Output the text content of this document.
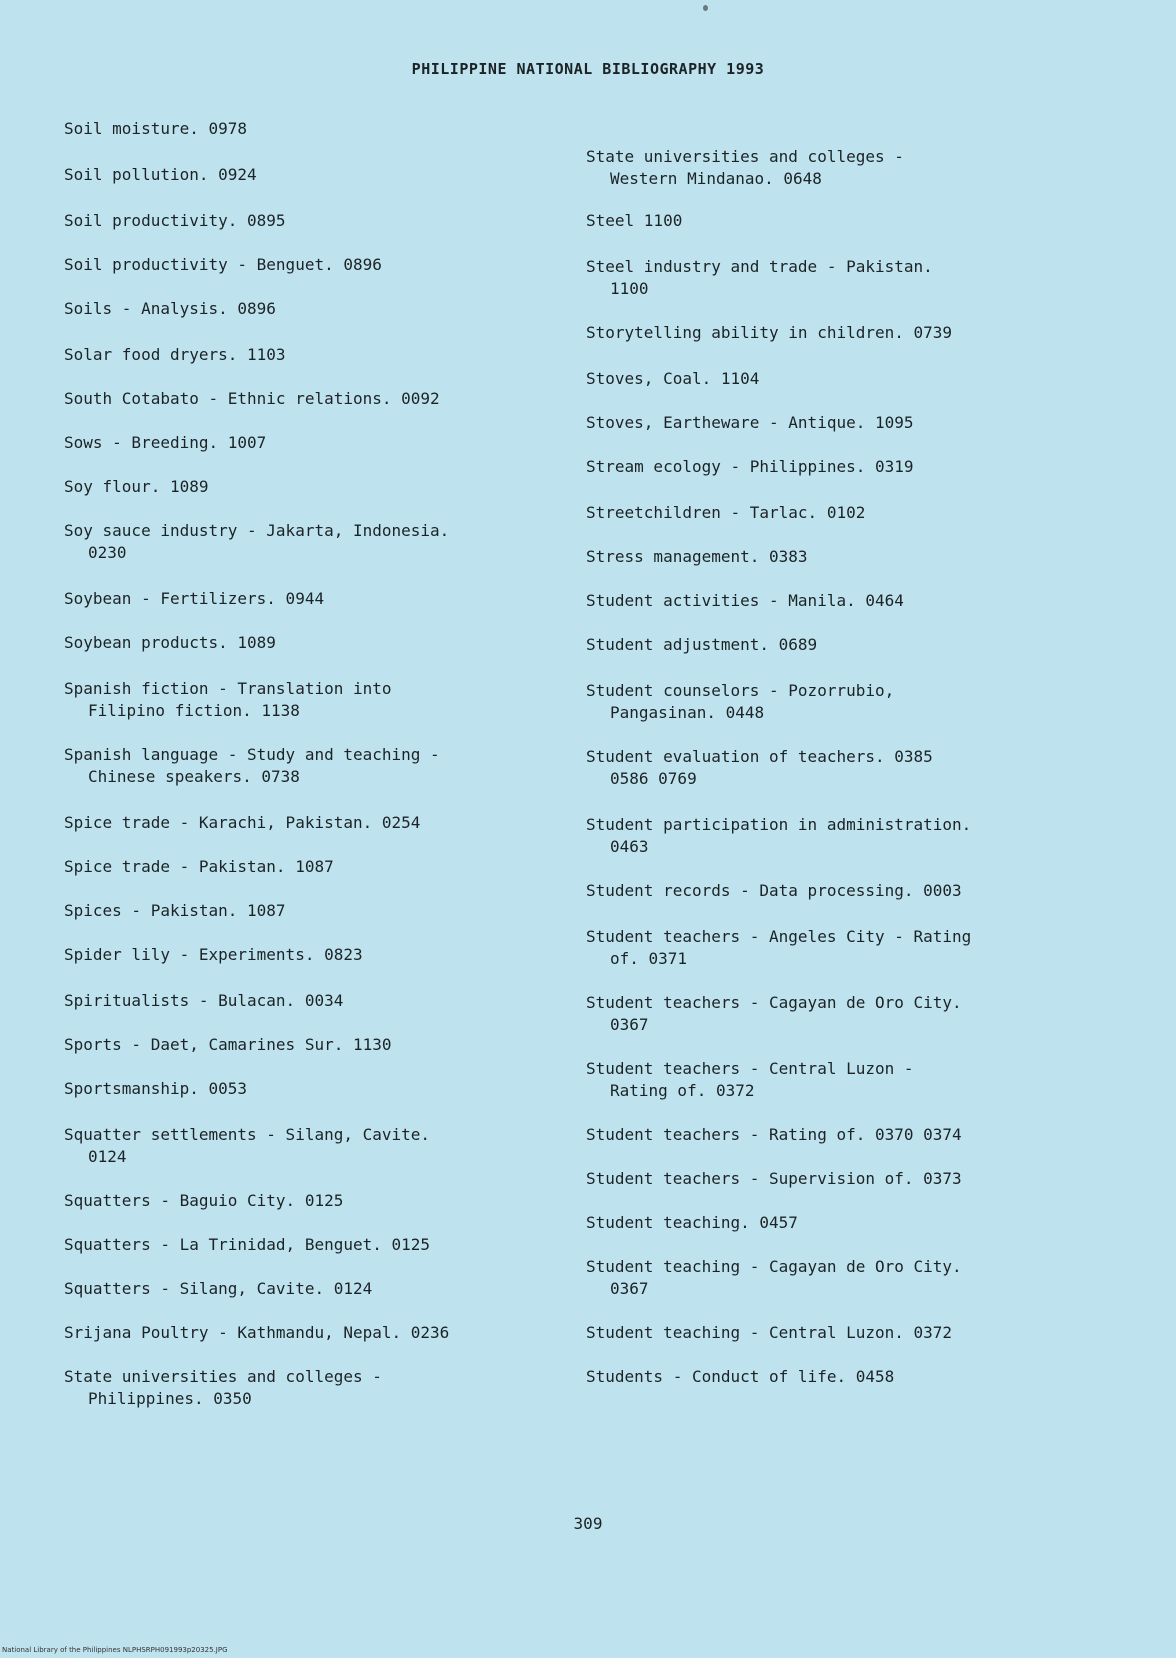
PHILIPPINE NATIONAL BIBLIOGRAPHY 1993
Soil moisture. 0978
Soil pollution. 0924
Soil productivity. 0895
Soil productivity - Benguet. 0896
Soils - Analysis. 0896
Solar food dryers. 1103
South Cotabato - Ethnic relations. 0092
Sows - Breeding. 1007
Soy flour. 1089
Soy sauce industry - Jakarta, Indonesia.
0230
Soybean - Fertilizers. 0944
Soybean products. 1089
Spanish fiction - Translation into
Filipino fiction. 1138
Spanish language - Study and teaching -
Chinese speakers. 0738
Spice trade - Karachi, Pakistan. 0254
Spice trade - Pakistan. 1087
Spices - Pakistan. 1087
Spider lily - Experiments. 0823
Spiritualists - Bulacan. 0034
Sports - Daet, Camarines Sur. 1130
Sportsmanship. 0053
Squatter settlements - Silang, Cavite.
0124
Squatters - Baguio City. 0125
Squatters - La Trinidad, Benguet. 0125
Squatters - Silang, Cavite. 0124
Srijana Poultry - Kathmandu, Nepal. 0236
State universities and colleges -
Philippines. 0350
State universities and colleges -
Western Mindanao. 0648
Steel 1100
Steel industry and trade - Pakistan.
1100
Storytelling ability in children. 0739
Stoves, Coal. 1104
Stoves, Eartheware - Antique. 1095
Stream ecology - Philippines. 0319
Streetchildren - Tarlac. 0102
Stress management. 0383
Student activities - Manila. 0464
Student adjustment. 0689
Student counselors - Pozorrubio,
Pangasinan. 0448
Student evaluation of teachers. 0385
0586 0769
Student participation in administration.
0463
Student records - Data processing. 0003
Student teachers - Angeles City - Rating
of. 0371
Student teachers - Cagayan de Oro City.
0367
Student teachers - Central Luzon -
Rating of. 0372
Student teachers - Rating of. 0370 0374
Student teachers - Supervision of. 0373
Student teaching. 0457
Student teaching - Cagayan de Oro City.
0367
Student teaching - Central Luzon. 0372
Students - Conduct of life. 0458
309
National Library of the Philippines NLPHSRPH091993p20325.JPG
